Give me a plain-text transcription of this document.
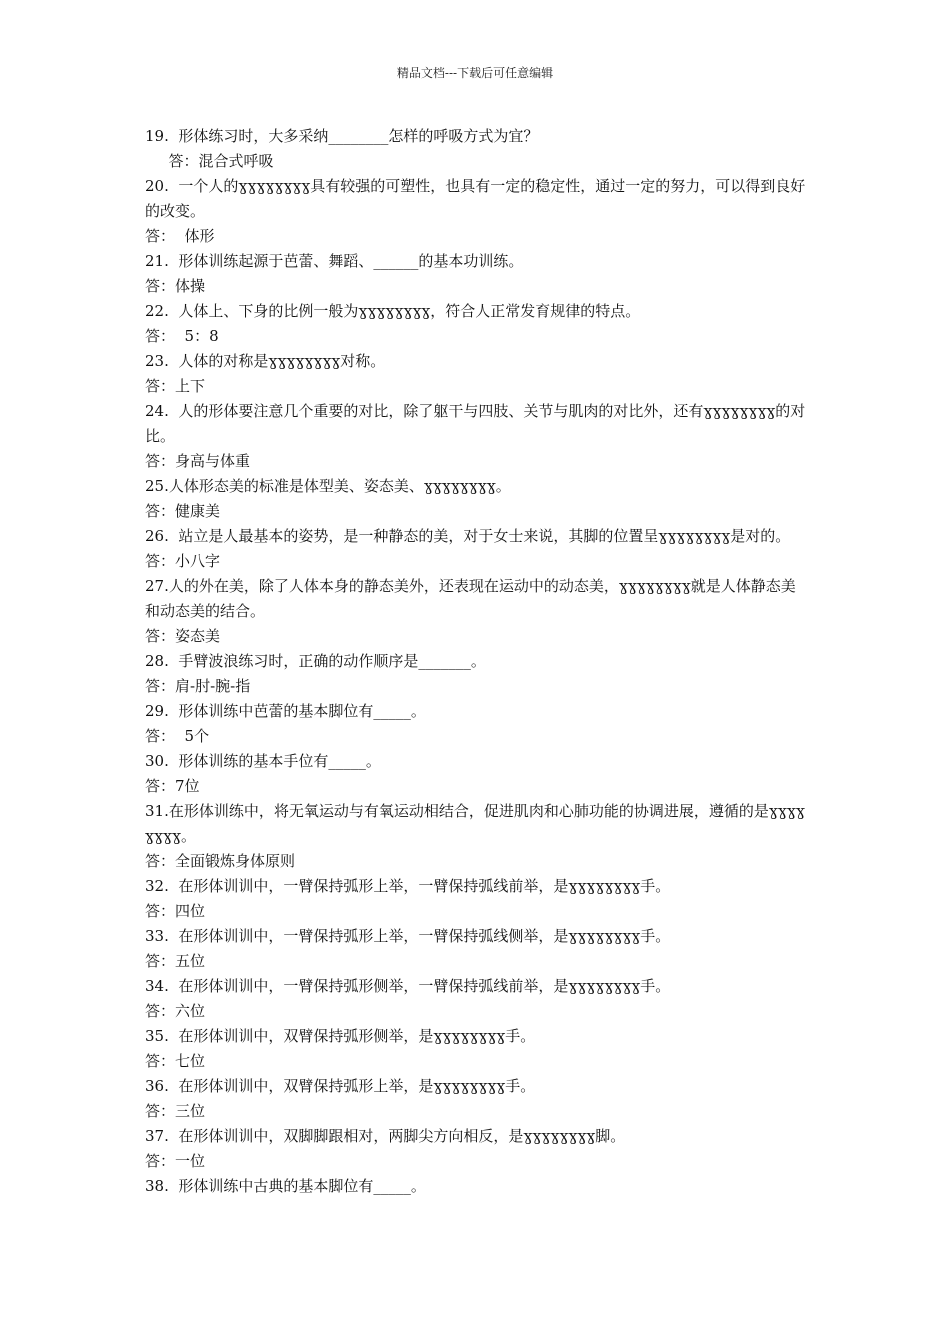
精品文档---下载后可任意编辑
19.  形体练习时，大多采纳________怎样的呼吸方式为宜？
答：混合式呼吸
20.  一个人的ɣɣɣɣɣɣɣɣ具有较强的可塑性，也具有一定的稳定性，通过一定的努力，可以得到良好的改变。
答：  体形
21.  形体训练起源于芭蕾、舞蹈、______的基本功训练。
答：体操
22.  人体上、下身的比例一般为ɣɣɣɣɣɣɣɣ，符合人正常发育规律的特点。
答：  5：8
23.  人体的对称是ɣɣɣɣɣɣɣɣ对称。
答：上下
24.  人的形体要注意几个重要的对比，除了躯干与四肢、关节与肌肉的对比外，还有ɣɣɣɣɣɣɣɣ的对比。
答：身高与体重
25.人体形态美的标准是体型美、姿态美、ɣɣɣɣɣɣɣɣ。
答：健康美
26.  站立是人最基本的姿势，是一种静态的美，对于女士来说，其脚的位置呈ɣɣɣɣɣɣɣɣ是对的。
答：小八字
27.人的外在美，除了人体本身的静态美外，还表现在运动中的动态美，ɣɣɣɣɣɣɣɣ就是人体静态美和动态美的结合。
答：姿态美
28.  手臂波浪练习时，正确的动作顺序是_______。
答：肩-肘-腕-指
29.  形体训练中芭蕾的基本脚位有_____。
答：  5个
30.  形体训练的基本手位有_____。
答：7位
31.在形体训练中，将无氧运动与有氧运动相结合，促进肌肉和心肺功能的协调进展，遵循的是ɣɣɣɣɣɣɣɣ。
答：全面锻炼身体原则
32.  在形体训训中，一臂保持弧形上举，一臂保持弧线前举，是ɣɣɣɣɣɣɣɣ手。
答：四位
33.  在形体训训中，一臂保持弧形上举，一臂保持弧线侧举，是ɣɣɣɣɣɣɣɣ手。
答：五位
34.  在形体训训中，一臂保持弧形侧举，一臂保持弧线前举，是ɣɣɣɣɣɣɣɣ手。
答：六位
35.  在形体训训中，双臂保持弧形侧举，是ɣɣɣɣɣɣɣɣ手。
答：七位
36.  在形体训训中，双臂保持弧形上举，是ɣɣɣɣɣɣɣɣ手。
答：三位
37.  在形体训训中，双脚脚跟相对，两脚尖方向相反，是ɣɣɣɣɣɣɣɣ脚。
答：一位
38.  形体训练中古典的基本脚位有_____。
